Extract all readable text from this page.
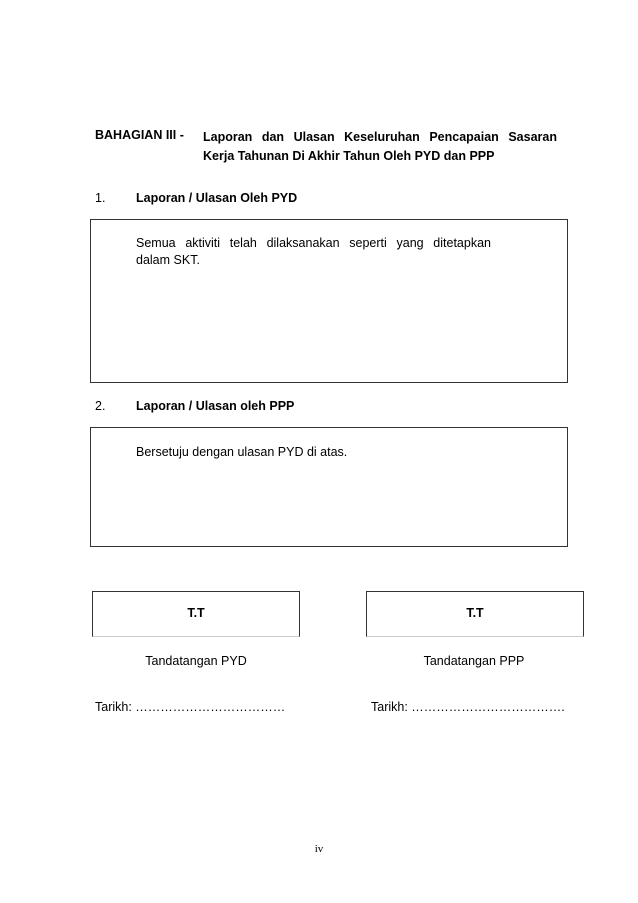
BAHAGIAN III - Laporan dan Ulasan Keseluruhan Pencapaian Sasaran Kerja Tahunan Di Akhir Tahun Oleh PYD dan PPP
1. Laporan / Ulasan Oleh PYD
Semua aktiviti telah dilaksanakan seperti yang ditetapkan dalam SKT.
2. Laporan / Ulasan oleh PPP
Bersetuju dengan ulasan PYD di atas.
T.T	T.T
Tandatangan PYD	Tandatangan PPP
Tarikh: ………………………………	Tarikh: ……………………………….
iv
